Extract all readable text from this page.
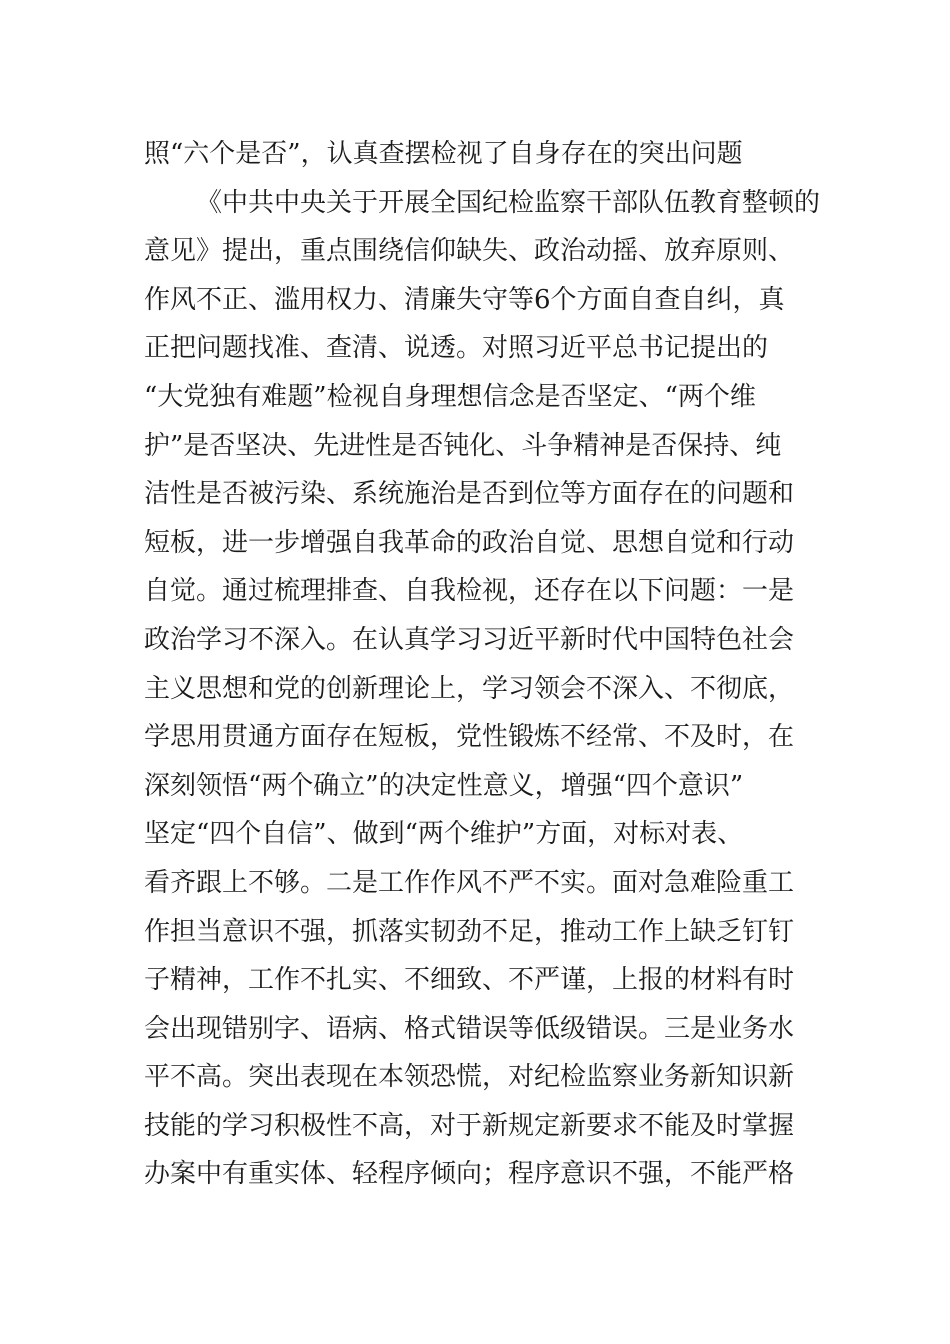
照“六个是否”，认真查摆检视了自身存在的突出问题
《中共中央关于开展全国纪检监察干部队伍教育整顿的
意见》提出，重点围绕信仰缺失、政治动摇、放弃原则、
作风不正、滥用权力、清廉失守等6个方面自查自纠，真
正把问题找准、查清、说透。对照习近平总书记提出的
“大党独有难题”检视自身理想信念是否坚定、“两个维
护”是否坚决、先进性是否钝化、斗争精神是否保持、纯
洁性是否被污染、系统施治是否到位等方面存在的问题和
短板，进一步增强自我革命的政治自觉、思想自觉和行动
自觉。通过梳理排查、自我检视，还存在以下问题：一是
政治学习不深入。在认真学习习近平新时代中国特色社会
主义思想和党的创新理论上，学习领会不深入、不彻底，
学思用贯通方面存在短板，党性锻炼不经常、不及时，在
深刻领悟“两个确立”的决定性意义，增强“四个意识”
坚定“四个自信”、做到“两个维护”方面，对标对表、
看齐跟上不够。二是工作作风不严不实。面对急难险重工
作担当意识不强，抓落实韧劲不足，推动工作上缺乏钉钉
子精神，工作不扎实、不细致、不严谨，上报的材料有时
会出现错别字、语病、格式错误等低级错误。三是业务水
平不高。突出表现在本领恐慌，对纪检监察业务新知识新
技能的学习积极性不高，对于新规定新要求不能及时掌握
办案中有重实体、轻程序倾向；程序意识不强，不能严格
